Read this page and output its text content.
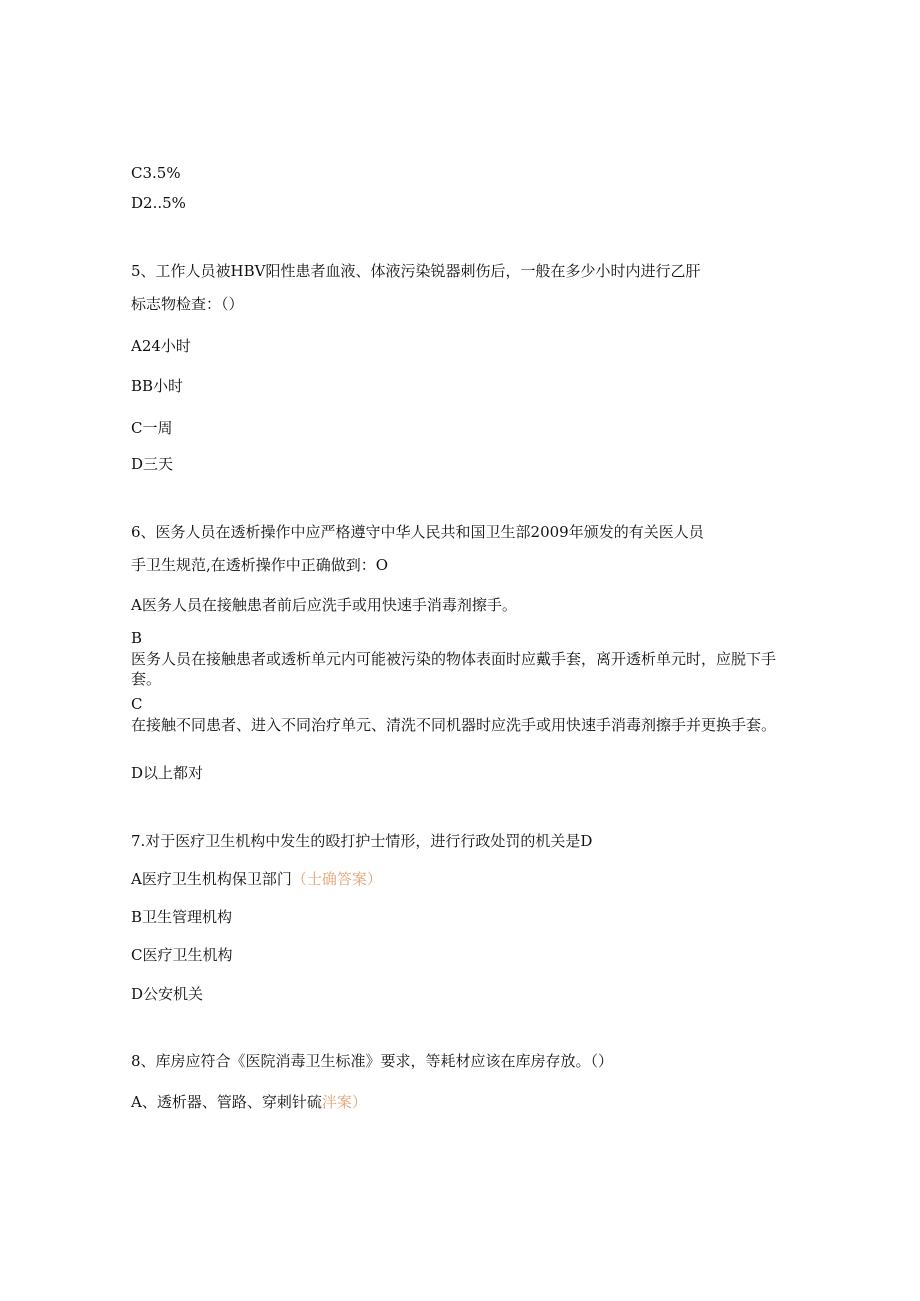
C3.5%
D2..5%
5、工作人员被HBV阳性患者血液、体液污染锐器刺伤后，一般在多少小时内进行乙肝
标志物检查：（）
A24小时
BB小时
C一周
D三天
6、医务人员在透析操作中应严格遵守中华人民共和国卫生部2009年颁发的有关医人员
手卫生规范,在透析操作中正确做到：O
A医务人员在接触患者前后应洗手或用快速手消毒剂擦手。
B
医务人员在接触患者或透析单元内可能被污染的物体表面时应戴手套，离开透析单元时，应脱下手套。
C
在接触不同患者、进入不同治疗单元、清洗不同机器时应洗手或用快速手消毒剂擦手并更换手套。
D以上都对
7.对于医疗卫生机构中发生的殴打护士情形，进行行政处罚的机关是D
A医疗卫生机构保卫部门（士确答案）
B卫生管理机构
C医疗卫生机构
D公安机关
8、库房应符合《医院消毒卫生标准》要求，等耗材应该在库房存放。（）
A、透析器、管路、穿刺针硫泮案）
